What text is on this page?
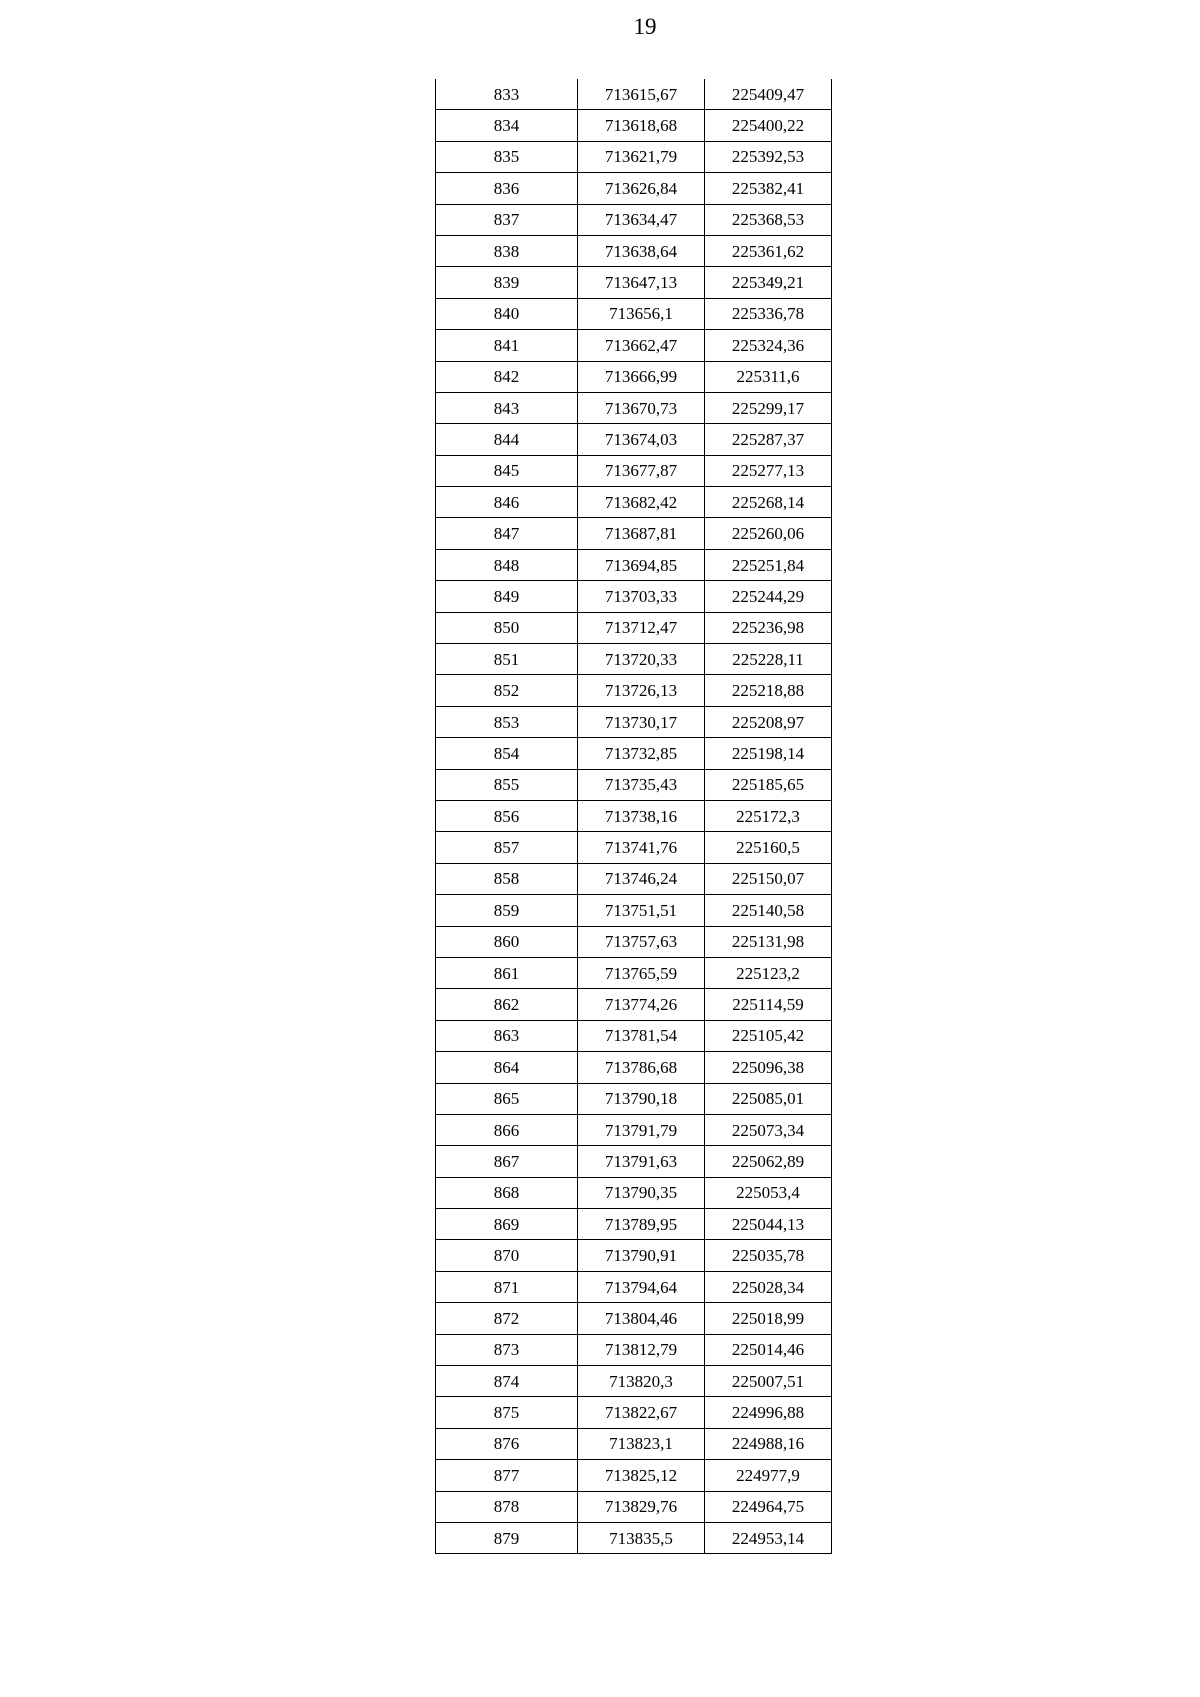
19
833	713615,67	225409,47
834	713618,68	225400,22
835	713621,79	225392,53
836	713626,84	225382,41
837	713634,47	225368,53
838	713638,64	225361,62
839	713647,13	225349,21
840	713656,1	225336,78
841	713662,47	225324,36
842	713666,99	225311,6
843	713670,73	225299,17
844	713674,03	225287,37
845	713677,87	225277,13
846	713682,42	225268,14
847	713687,81	225260,06
848	713694,85	225251,84
849	713703,33	225244,29
850	713712,47	225236,98
851	713720,33	225228,11
852	713726,13	225218,88
853	713730,17	225208,97
854	713732,85	225198,14
855	713735,43	225185,65
856	713738,16	225172,3
857	713741,76	225160,5
858	713746,24	225150,07
859	713751,51	225140,58
860	713757,63	225131,98
861	713765,59	225123,2
862	713774,26	225114,59
863	713781,54	225105,42
864	713786,68	225096,38
865	713790,18	225085,01
866	713791,79	225073,34
867	713791,63	225062,89
868	713790,35	225053,4
869	713789,95	225044,13
870	713790,91	225035,78
871	713794,64	225028,34
872	713804,46	225018,99
873	713812,79	225014,46
874	713820,3	225007,51
875	713822,67	224996,88
876	713823,1	224988,16
877	713825,12	224977,9
878	713829,76	224964,75
879	713835,5	224953,14
